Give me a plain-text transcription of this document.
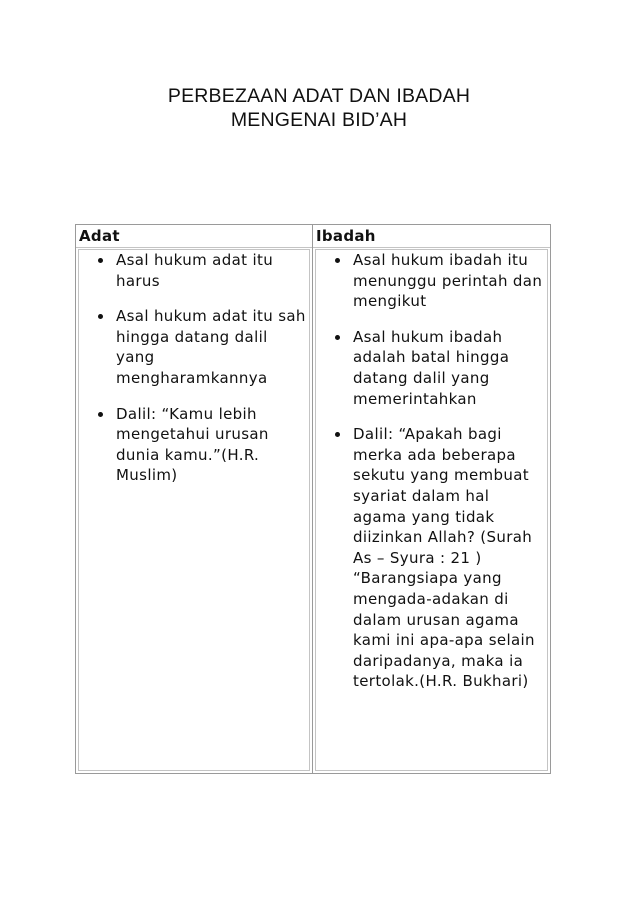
PERBEZAAN ADAT DAN IBADAH
MENGENAI BID’AH
Adat
Asal hukum adat itu harus
Asal hukum adat itu sah hingga datang dalil yang mengharamkannya
Dalil: “Kamu lebih mengetahui urusan dunia kamu.”(H.R. Muslim)
Ibadah
Asal hukum ibadah itu menunggu perintah dan mengikut
Asal hukum ibadah adalah batal hingga datang dalil yang memerintahkan
Dalil: “Apakah bagi merka ada beberapa sekutu yang membuat syariat dalam hal agama yang tidak diizinkan Allah? (Surah As – Syura : 21 ) “Barangsiapa yang mengada-adakan di dalam urusan agama kami ini apa-apa selain daripadanya, maka ia tertolak.(H.R. Bukhari)
